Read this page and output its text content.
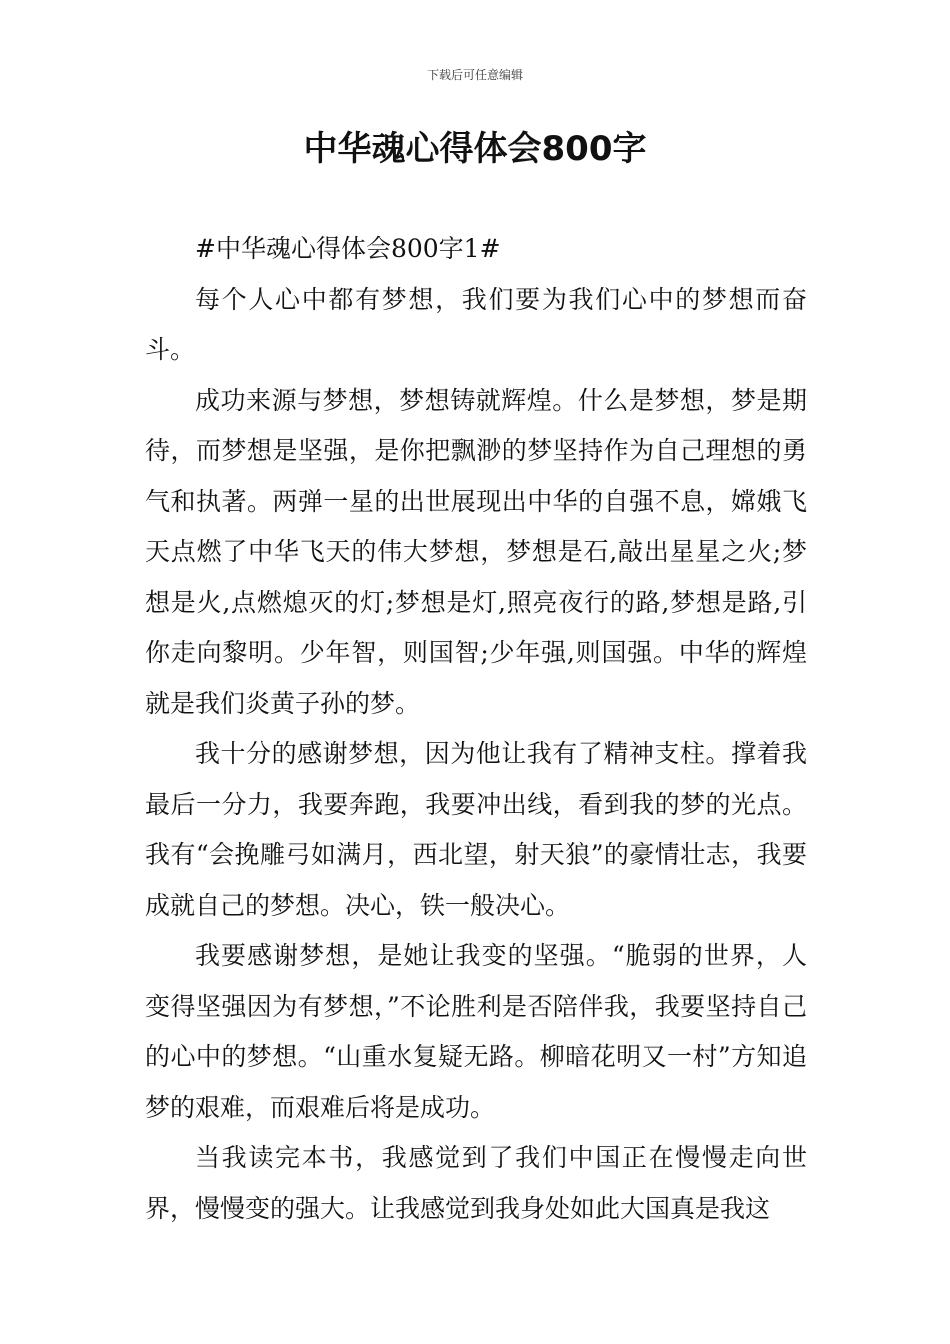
下载后可任意编辑
中华魂心得体会800字

#中华魂心得体会800字1#

每个人心中都有梦想，我们要为我们心中的梦想而奋斗。

成功来源与梦想，梦想铸就辉煌。什么是梦想，梦是期待，而梦想是坚强，是你把飘渺的梦坚持作为自己理想的勇气和执著。两弹一星的出世展现出中华的自强不息，嫦娥飞天点燃了中华飞天的伟大梦想，梦想是石,敲出星星之火;梦想是火,点燃熄灭的灯;梦想是灯,照亮夜行的路,梦想是路,引你走向黎明。少年智，则国智;少年强,则国强。中华的辉煌就是我们炎黄子孙的梦。

我十分的感谢梦想，因为他让我有了精神支柱。撑着我最后一分力，我要奔跑，我要冲出线，看到我的梦的光点。我有“会挽雕弓如满月，西北望，射天狼”的豪情壮志，我要成就自己的梦想。决心，铁一般决心。

我要感谢梦想，是她让我变的坚强。“脆弱的世界，人变得坚强因为有梦想，”不论胜利是否陪伴我，我要坚持自己的心中的梦想。“山重水复疑无路。柳暗花明又一村”方知追梦的艰难，而艰难后将是成功。

当我读完本书，我感觉到了我们中国正在慢慢走向世界，慢慢变的强大。让我感觉到我身处如此大国真是我这
